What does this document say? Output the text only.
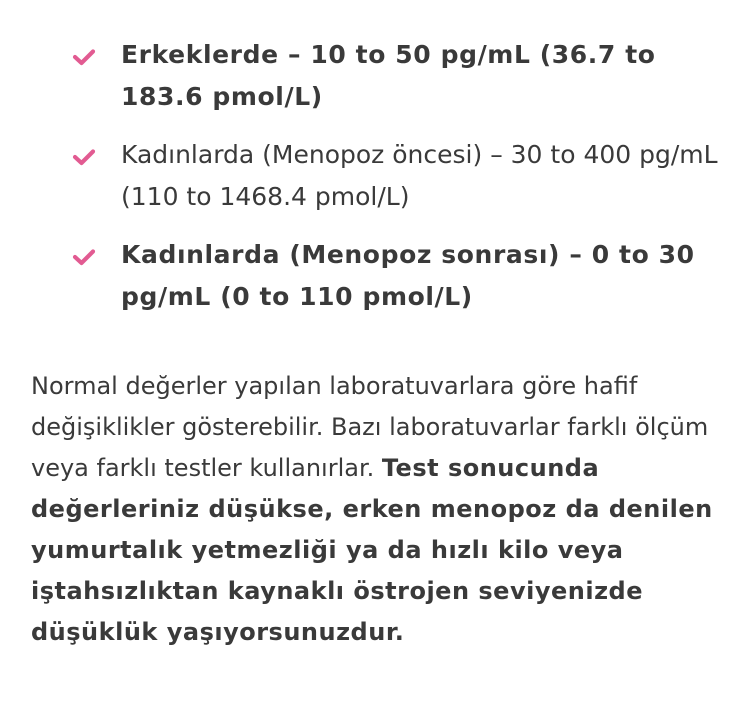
Erkeklerde – 10 to 50 pg/mL (36.7 to 183.6 pmol/L)
Kadınlarda (Menopoz öncesi) – 30 to 400 pg/mL (110 to 1468.4 pmol/L)
Kadınlarda (Menopoz sonrası) – 0 to 30 pg/mL (0 to 110 pmol/L)

Normal değerler yapılan laboratuvarlara göre hafif değişiklikler gösterebilir. Bazı laboratuvarlar farklı ölçüm veya farklı testler kullanırlar. Test sonucunda değerleriniz düşükse, erken menopoz da denilen yumurtalık yetmezliği ya da hızlı kilo veya iştahsızlıktan kaynaklı östrojen seviyenizde düşüklük yaşıyorsunuzdur.
